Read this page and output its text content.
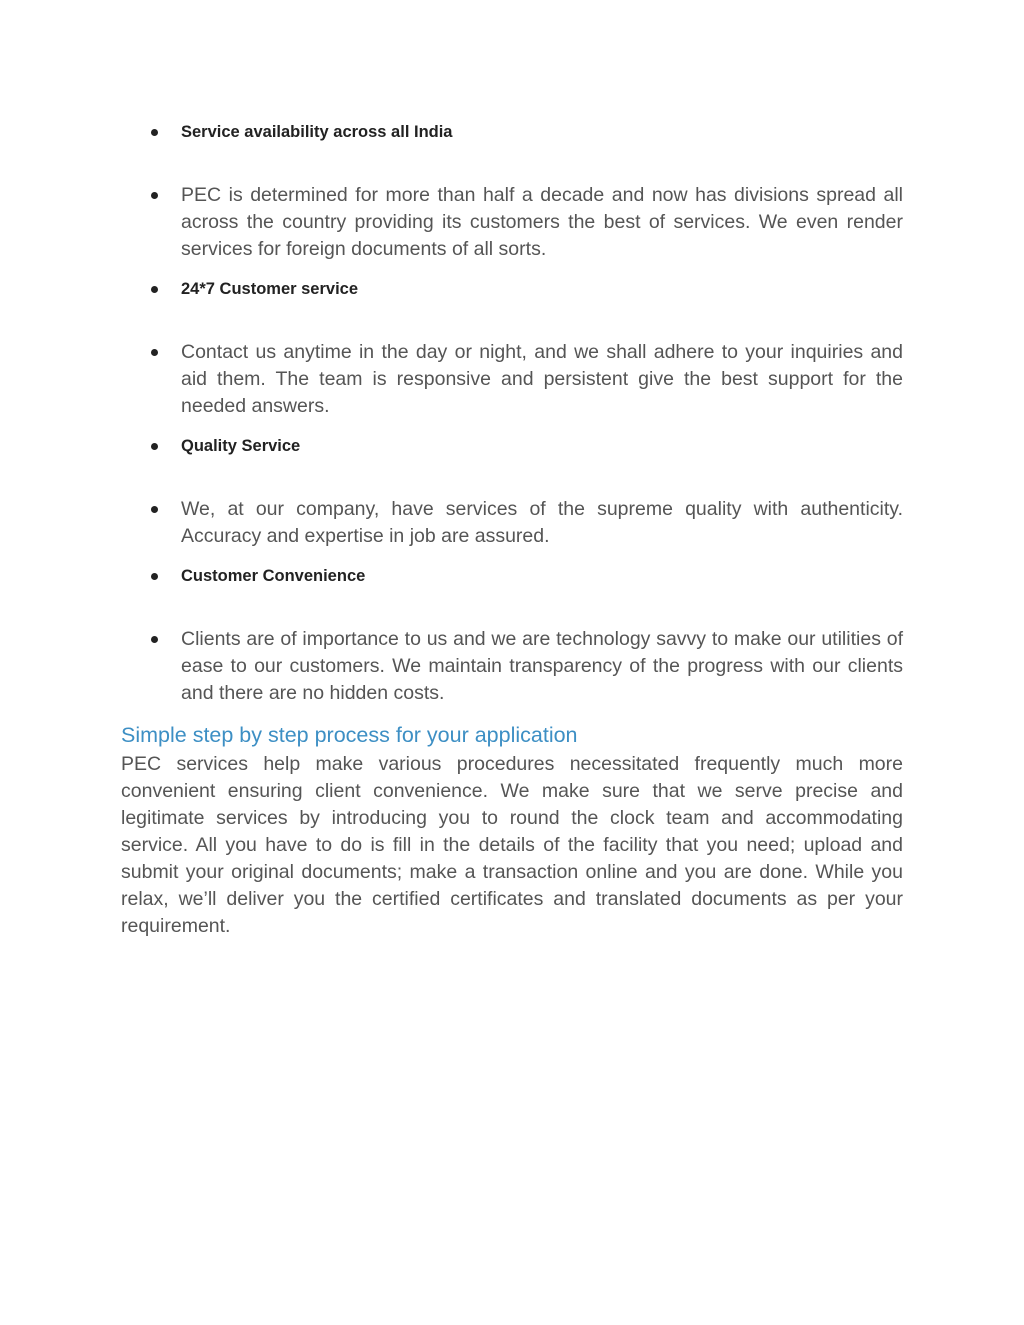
Service availability across all India
PEC is determined for more than half a decade and now has divisions spread all across the country providing its customers the best of services. We even render services for foreign documents of all sorts.
24*7 Customer service
Contact us anytime in the day or night, and we shall adhere to your inquiries and aid them. The team is responsive and persistent give the best support for the needed answers.
Quality Service
We, at our company, have services of the supreme quality with authenticity. Accuracy and expertise in job are assured.
Customer Convenience
Clients are of importance to us and we are technology savvy to make our utilities of ease to our customers. We maintain transparency of the progress with our clients and there are no hidden costs.
Simple step by step process for your application

PEC services help make various procedures necessitated frequently much more convenient ensuring client convenience. We make sure that we serve precise and legitimate services by introducing you to round the clock team and accommodating service. All you have to do is fill in the details of the facility that you need; upload and submit your original documents; make a transaction online and you are done. While you relax, we’ll deliver you the certified certificates and translated documents as per your requirement.
